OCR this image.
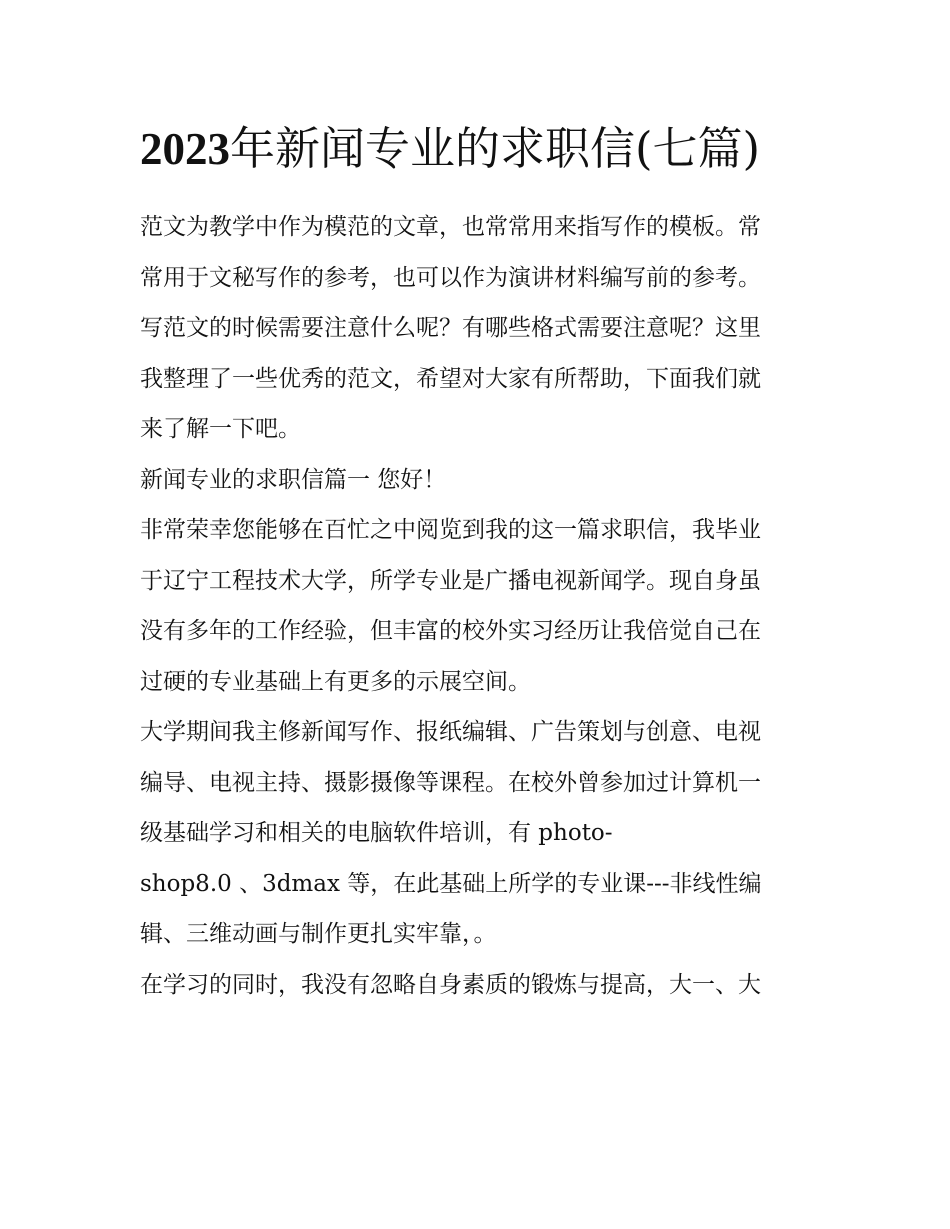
2023年新闻专业的求职信(七篇)
范文为教学中作为模范的文章，也常常用来指写作的模板。常
常用于文秘写作的参考，也可以作为演讲材料编写前的参考。
写范文的时候需要注意什么呢？有哪些格式需要注意呢？这里
我整理了一些优秀的范文，希望对大家有所帮助，下面我们就
来了解一下吧。
新闻专业的求职信篇一 您好！
非常荣幸您能够在百忙之中阅览到我的这一篇求职信，我毕业
于辽宁工程技术大学，所学专业是广播电视新闻学。现自身虽
没有多年的工作经验，但丰富的校外实习经历让我倍觉自己在
过硬的专业基础上有更多的示展空间。
大学期间我主修新闻写作、报纸编辑、广告策划与创意、电视
编导、电视主持、摄影摄像等课程。在校外曾参加过计算机一
级基础学习和相关的电脑软件培训，有 photo-
shop8.0 、3dmax 等，在此基础上所学的专业课---非线性编
辑、三维动画与制作更扎实牢靠，。
在学习的同时，我没有忽略自身素质的锻炼与提高，大一、大
